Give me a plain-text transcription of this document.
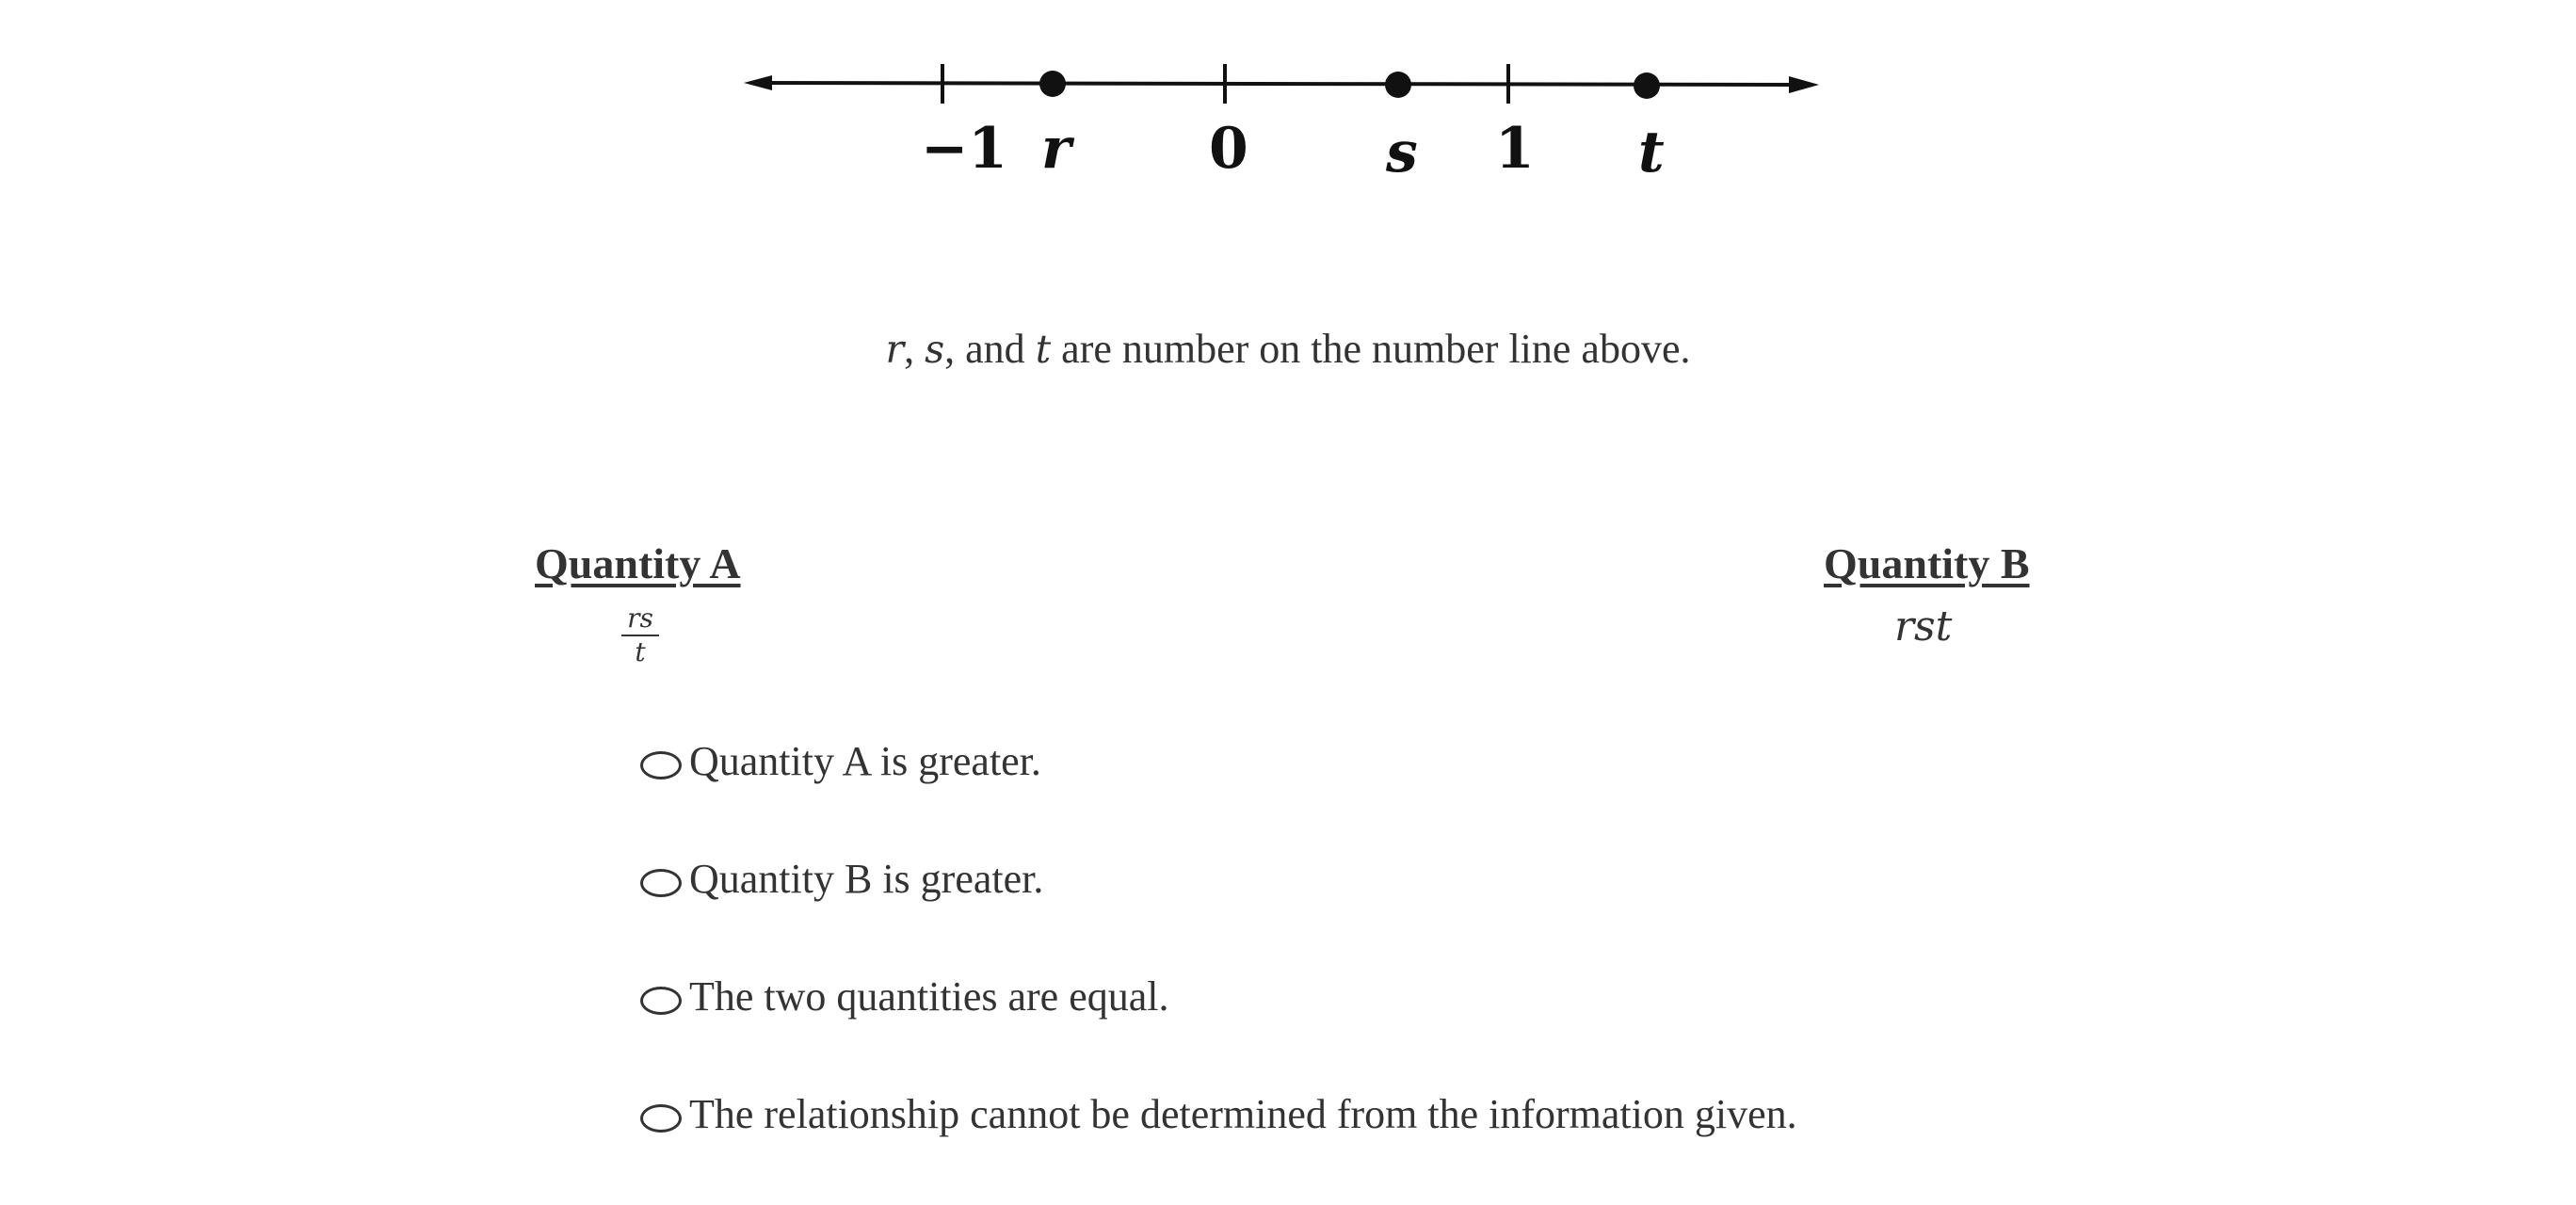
−1 r 0 s 1 t
r, s, and t are number on the number line above.
Quantity A
rs
t
Quantity B
rst
Quantity A is greater.
Quantity B is greater.
The two quantities are equal.
The relationship cannot be determined from the information given.
